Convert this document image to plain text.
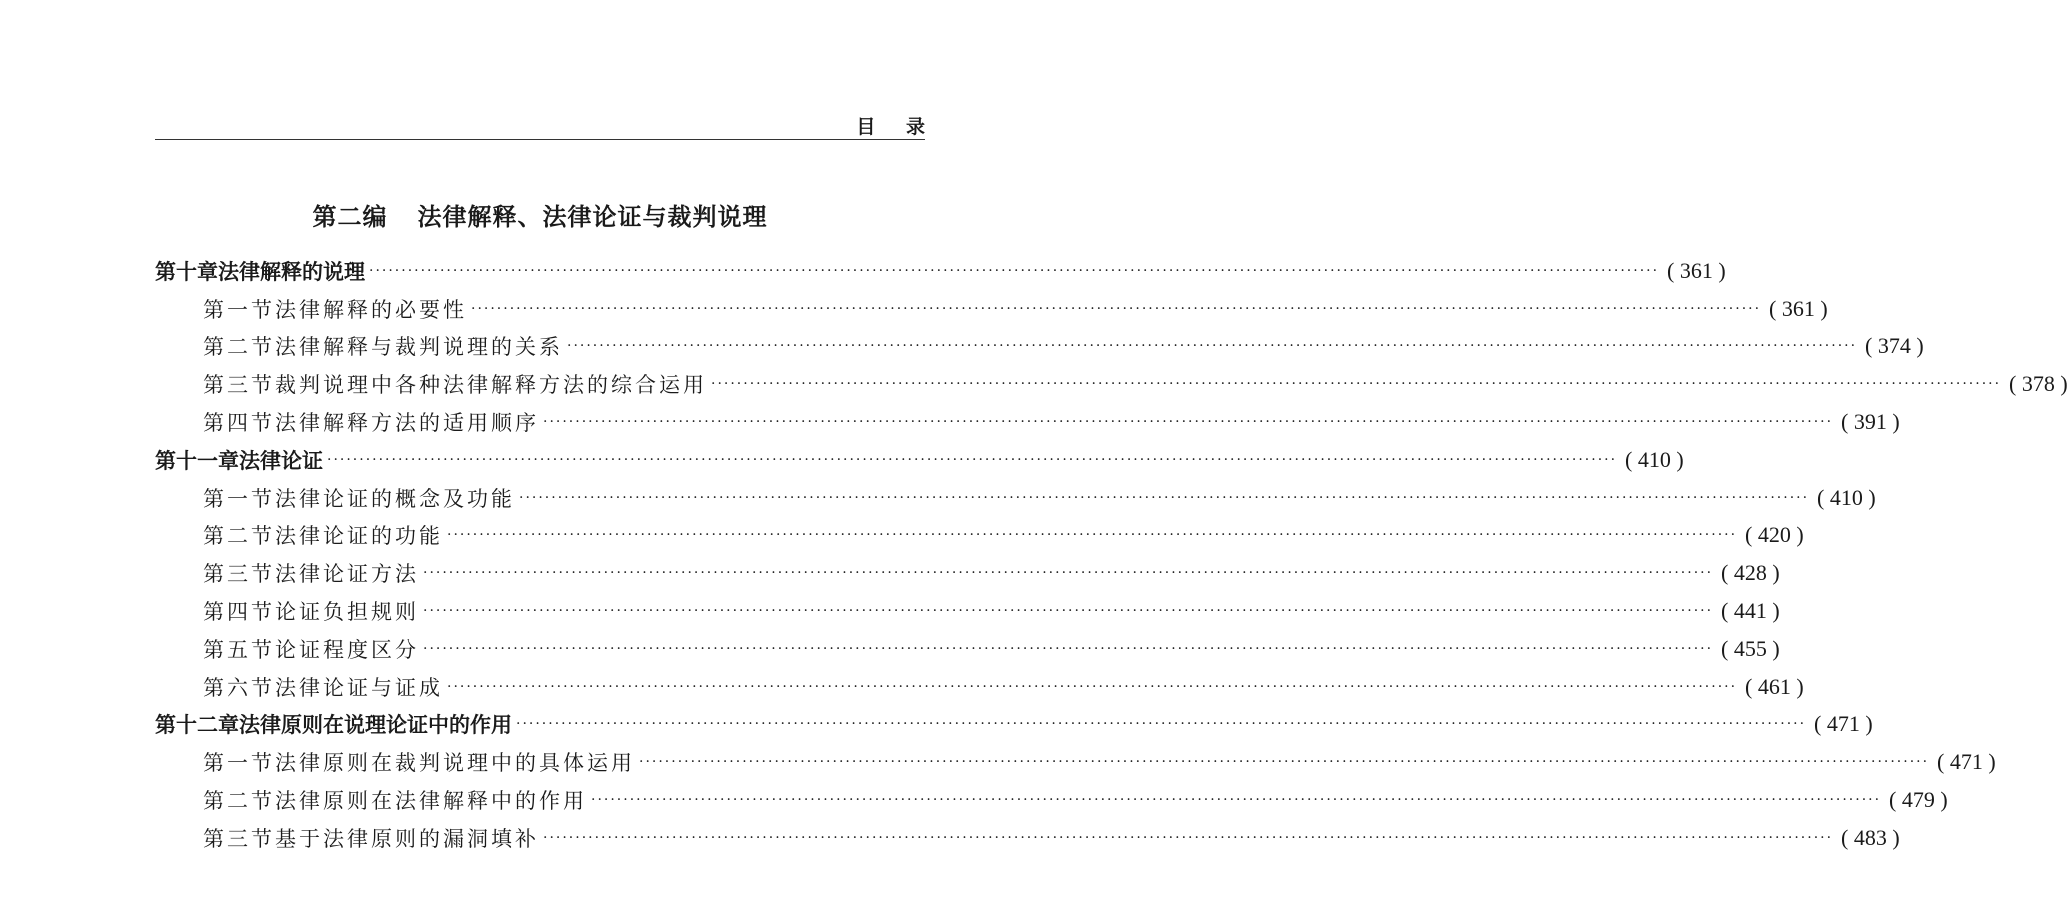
目 录
第二编 法律解释、法律论证与裁判说理
第十章 法律解释的说理 ········································································································································································································ ( 361 )
第一节 法律解释的必要性 ········································································································································································································ ( 361 )
第二节 法律解释与裁判说理的关系 ········································································································································································································ ( 374 )
第三节 裁判说理中各种法律解释方法的综合运用 ········································································································································································································ ( 378 )
第四节 法律解释方法的适用顺序 ········································································································································································································ ( 391 )
第十一章 法律论证 ········································································································································································································ ( 410 )
第一节 法律论证的概念及功能 ········································································································································································································ ( 410 )
第二节 法律论证的功能 ········································································································································································································ ( 420 )
第三节 法律论证方法 ········································································································································································································ ( 428 )
第四节 论证负担规则 ········································································································································································································ ( 441 )
第五节 论证程度区分 ········································································································································································································ ( 455 )
第六节 法律论证与证成 ········································································································································································································ ( 461 )
第十二章 法律原则在说理论证中的作用 ········································································································································································································ ( 471 )
第一节 法律原则在裁判说理中的具体运用 ········································································································································································································ ( 471 )
第二节 法律原则在法律解释中的作用 ········································································································································································································ ( 479 )
第三节 基于法律原则的漏洞填补 ········································································································································································································ ( 483 )
